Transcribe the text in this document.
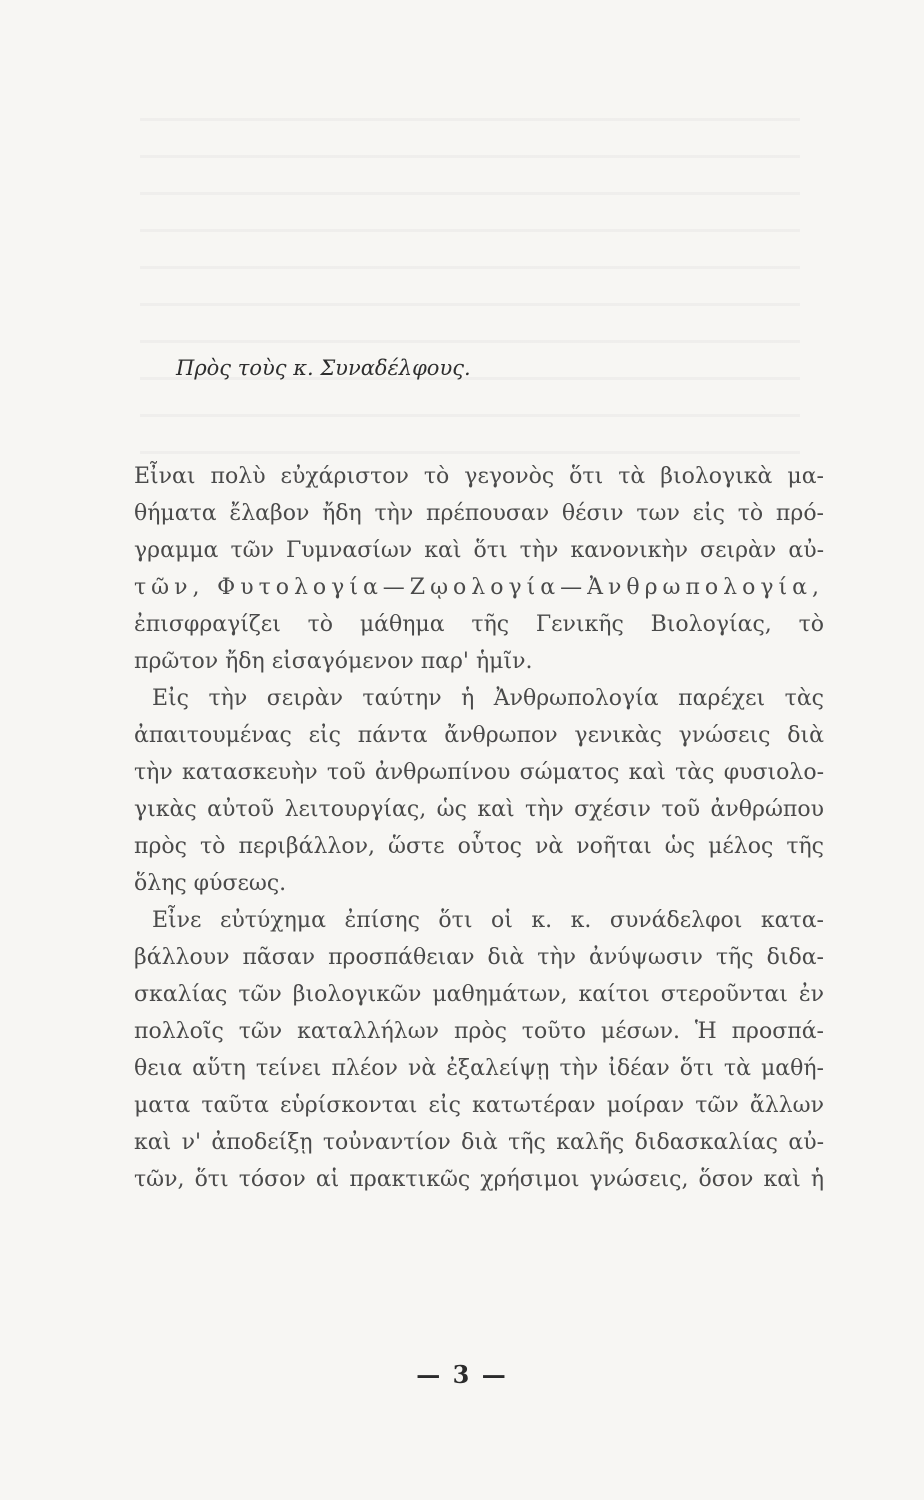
Πρὸς τοὺς κ. Συναδέλφους.
Εἶναι πολὺ εὐχάριστον τὸ γεγονὸς ὅτι τὰ βιολογικὰ μα-
θήματα ἔλαβον ἤδη τὴν πρέπουσαν θέσιν των εἰς τὸ πρό-
γραμμα τῶν Γυμνασίων καὶ ὅτι τὴν κανονικὴν σειρὰν αὐ-
τῶν, Φυτολογία—Ζῳολογία—Ἀνθρωπολογία,
ἐπισφραγίζει τὸ μάθημα τῆς Γενικῆς Βιολογίας, τὸ
πρῶτον ἤδη εἰσαγόμενον παρ' ἡμῖν.
Εἰς τὴν σειρὰν ταύτην ἡ Ἀνθρωπολογία παρέχει τὰς
ἀπαιτουμένας εἰς πάντα ἄνθρωπον γενικὰς γνώσεις διὰ
τὴν κατασκευὴν τοῦ ἀνθρωπίνου σώματος καὶ τὰς φυσιολο-
γικὰς αὐτοῦ λειτουργίας, ὡς καὶ τὴν σχέσιν τοῦ ἀνθρώπου
πρὸς τὸ περιβάλλον, ὥστε οὗτος νὰ νοῆται ὡς μέλος τῆς
ὅλης φύσεως.
Εἶνε εὐτύχημα ἐπίσης ὅτι οἱ κ. κ. συνάδελφοι κατα-
βάλλουν πᾶσαν προσπάθειαν διὰ τὴν ἀνύψωσιν τῆς διδα-
σκαλίας τῶν βιολογικῶν μαθημάτων, καίτοι στεροῦνται ἐν
πολλοῖς τῶν καταλλήλων πρὸς τοῦτο μέσων. Ἡ προσπά-
θεια αὕτη τείνει πλέον νὰ ἐξαλείψῃ τὴν ἰδέαν ὅτι τὰ μαθή-
ματα ταῦτα εὑρίσκονται εἰς κατωτέραν μοίραν τῶν ἄλλων
καὶ ν' ἀποδείξῃ τοὐναντίον διὰ τῆς καλῆς διδασκαλίας αὐ-
τῶν, ὅτι τόσον αἱ πρακτικῶς χρήσιμοι γνώσεις, ὅσον καὶ ἡ
— 3 —
